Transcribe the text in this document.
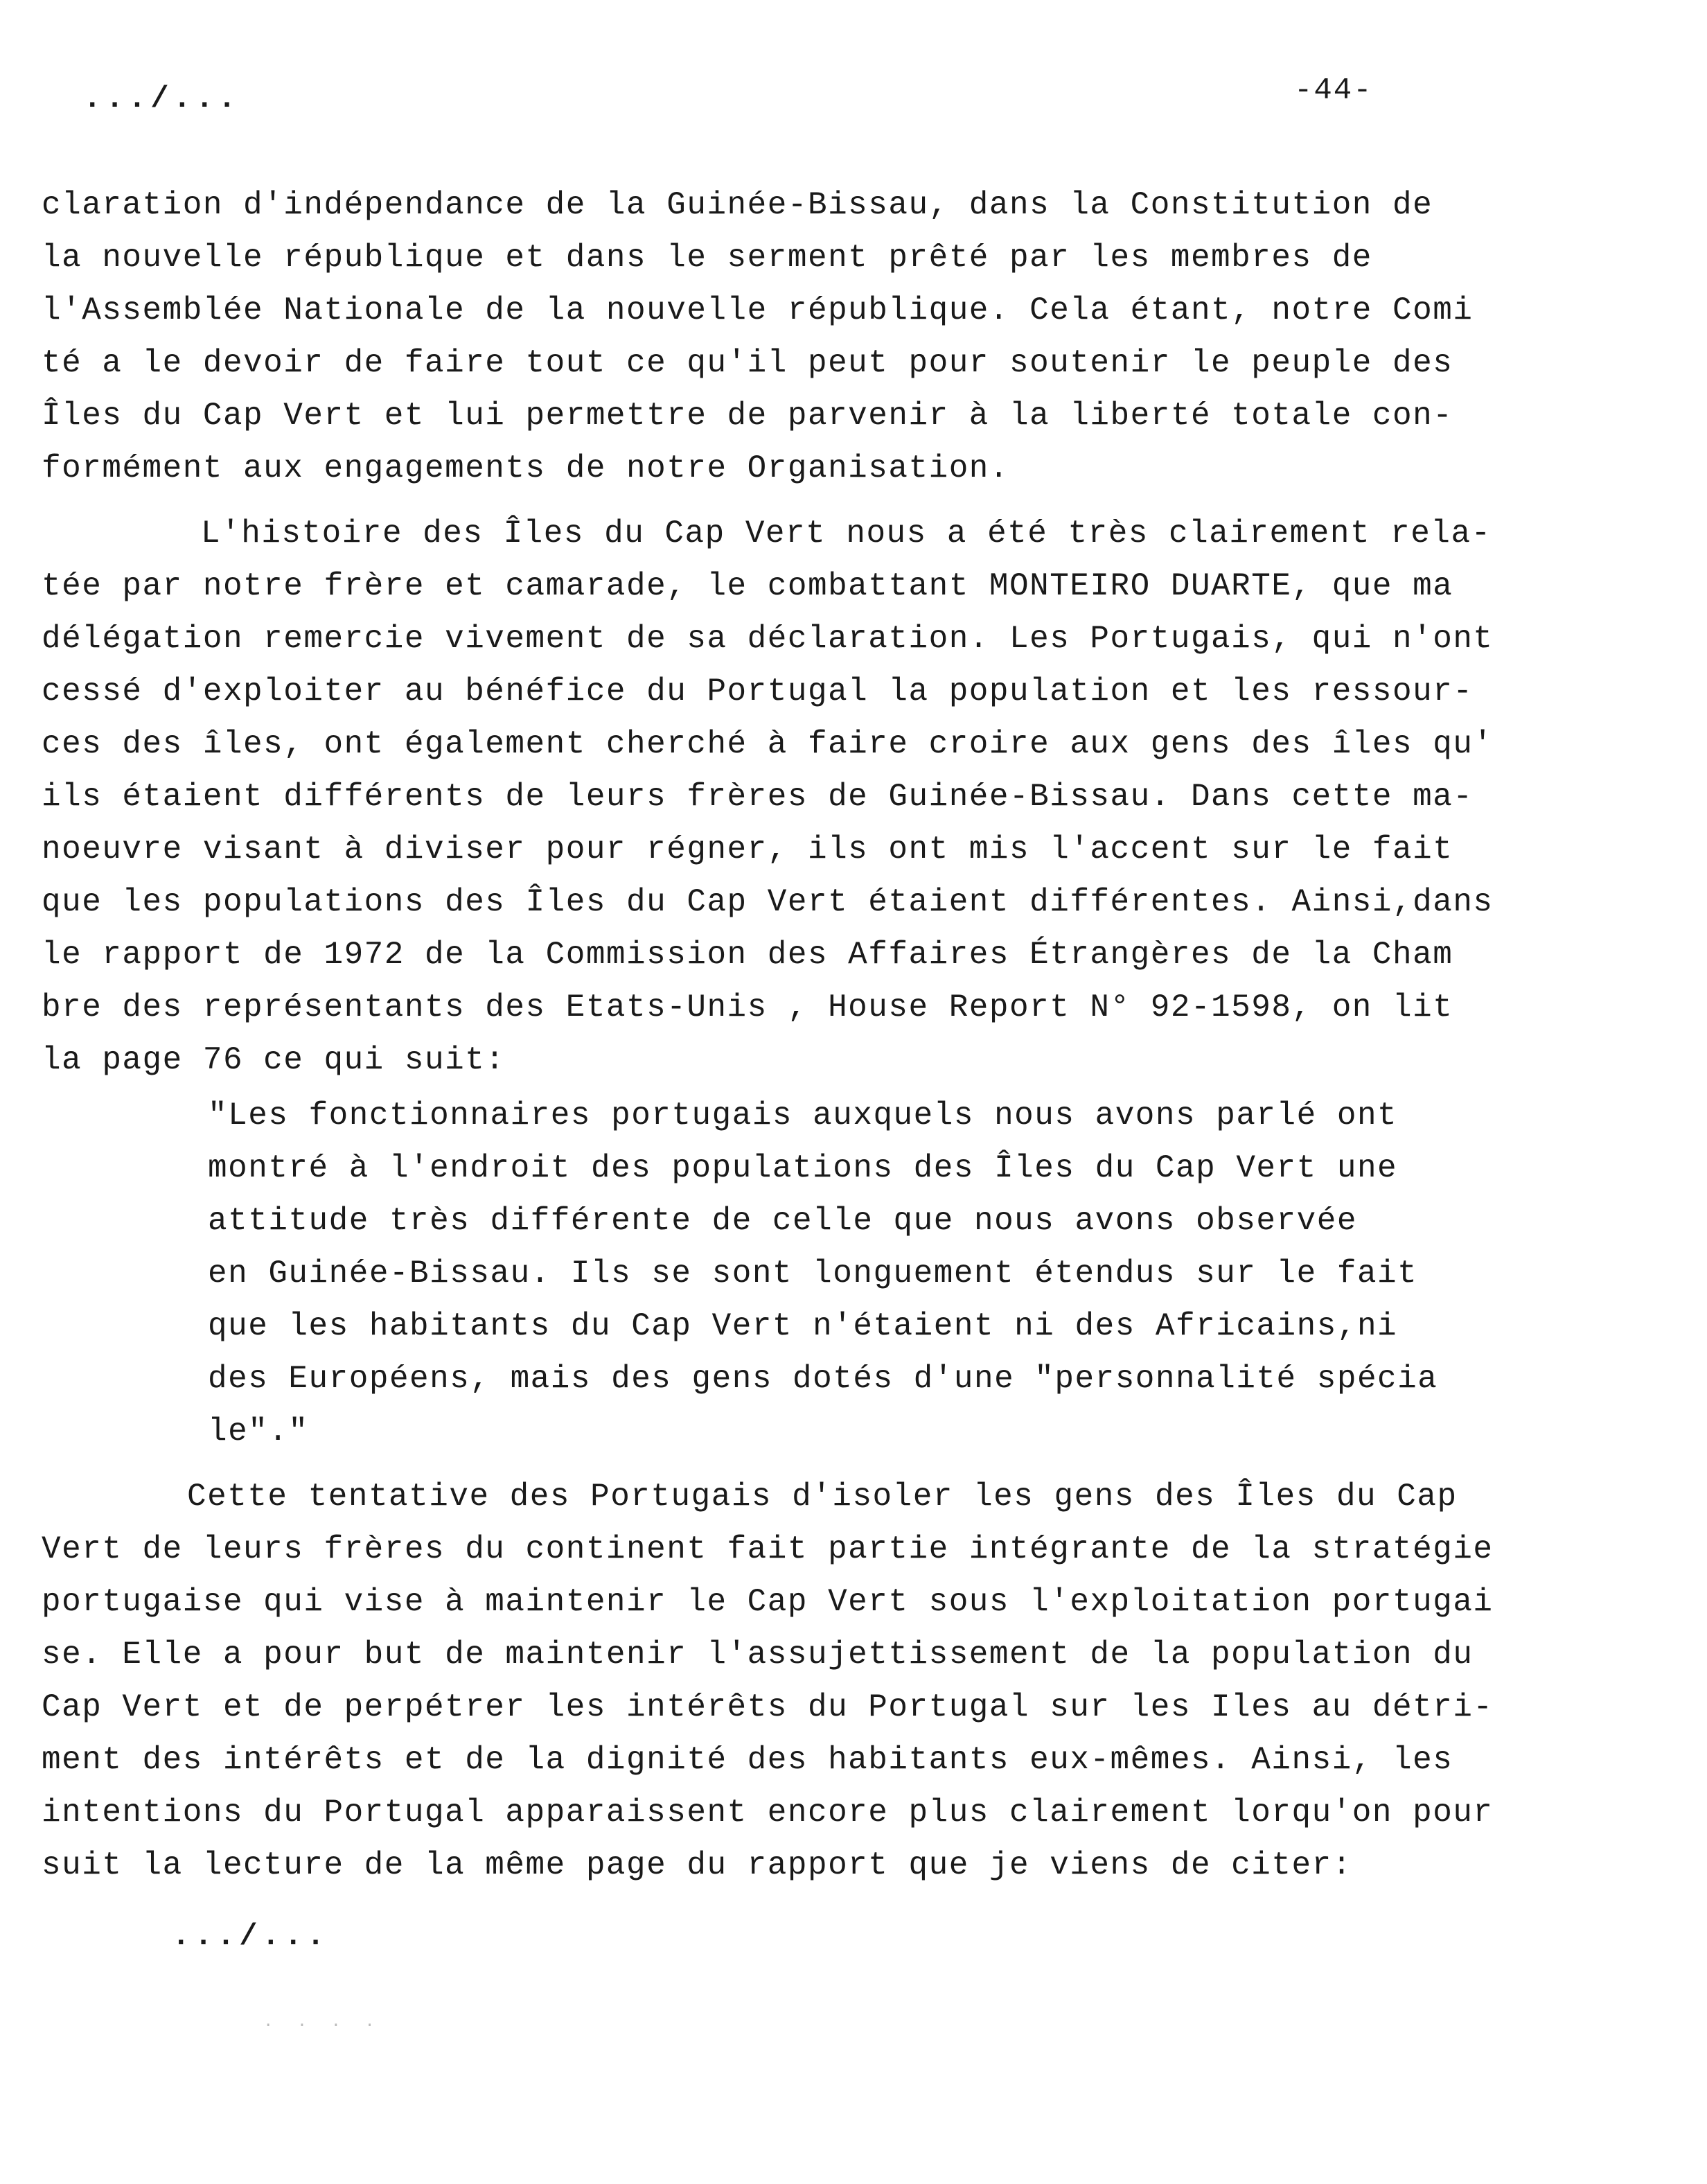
.../...	-44-
claration d'indépendance de la Guinée-Bissau, dans la Constitution de
la nouvelle république et dans le serment prêté par les membres de
l'Assemblée Nationale de la nouvelle république. Cela étant, notre Comi
té a le devoir de faire tout ce qu'il peut pour soutenir le peuple des
Îles du Cap Vert et lui permettre de parvenir à la liberté totale con-
formément aux engagements de notre Organisation.
L'histoire des Îles du Cap Vert nous a été très clairement rela-
tée par notre frère et camarade, le combattant MONTEIRO DUARTE, que ma
délégation remercie vivement de sa déclaration. Les Portugais, qui n'ont
cessé d'exploiter au bénéfice du Portugal la population et les ressour-
ces des îles, ont également cherché à faire croire aux gens des îles qu'
ils étaient différents de leurs frères de Guinée-Bissau. Dans cette ma-
noeuvre visant à diviser pour régner, ils ont mis l'accent sur le fait
que les populations des Îles du Cap Vert étaient différentes. Ainsi,dans
le rapport de 1972 de la Commission des Affaires Étrangères de la Cham
bre des représentants des Etats-Unis , House Report N° 92-1598, on lit
la page 76 ce qui suit:
"Les fonctionnaires portugais auxquels nous avons parlé ont
montré à l'endroit des populations des Îles du Cap Vert une
attitude très différente de celle que nous avons observée
en Guinée-Bissau. Ils se sont longuement étendus sur le fait
que les habitants du Cap Vert n'étaient ni des Africains,ni
des Européens, mais des gens dotés d'une "personnalité spécia
le"."
Cette tentative des Portugais d'isoler les gens des Îles du Cap
Vert de leurs frères du continent fait partie intégrante de la stratégie
portugaise qui vise à maintenir le Cap Vert sous l'exploitation portugai
se. Elle a pour but de maintenir l'assujettissement de la population du
Cap Vert et de perpétrer les intérêts du Portugal sur les Iles au détri-
ment des intérêts et de la dignité des habitants eux-mêmes. Ainsi, les
intentions du Portugal apparaissent encore plus clairement lorqu'on pour
suit la lecture de la même page du rapport que je viens de citer:
.../...
. . . .
